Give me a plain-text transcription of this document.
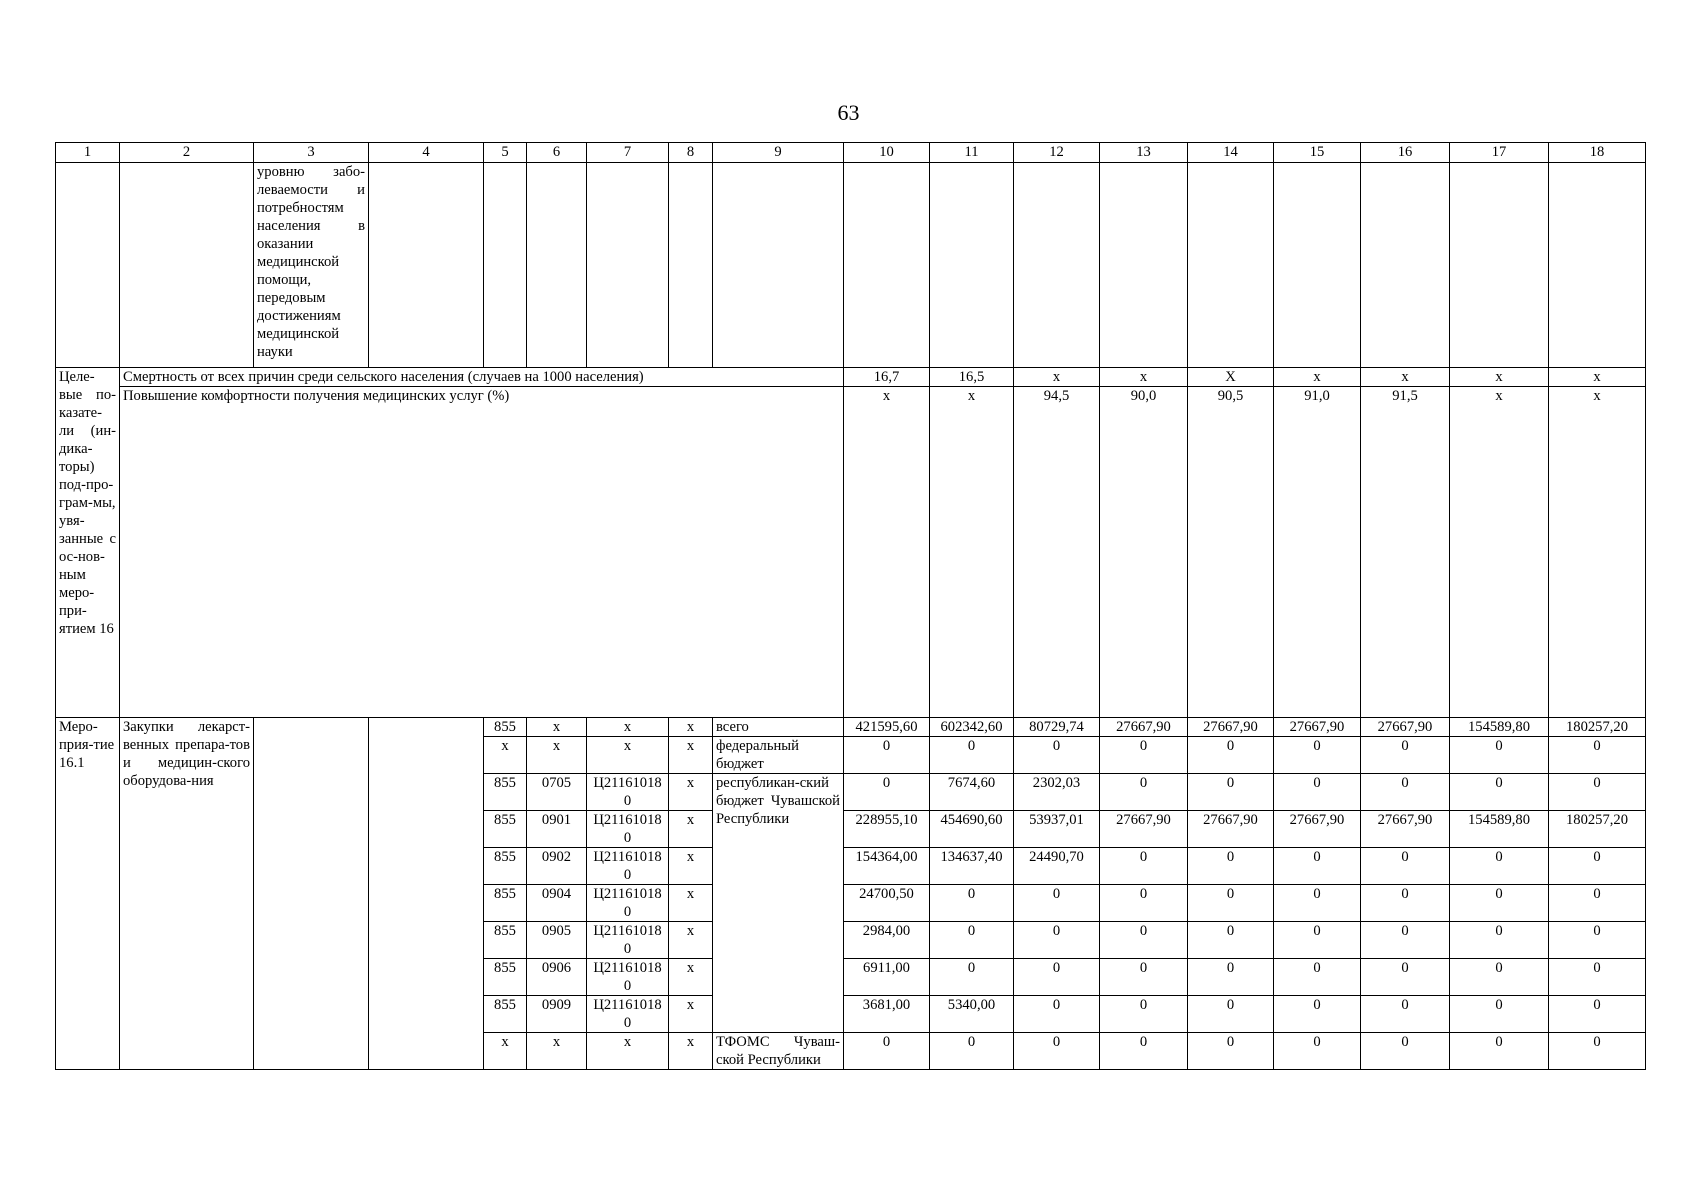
63
1	2	3	4	5	6	7	8	9	10	11	12	13	14	15	16	17	18
		уровню забо-леваемости и потребностям населения в оказании медицинской помощи, передовым достижениям медицинской науки															
Целе-вые по-казате-ли (ин-дика-торы) под-про-грам-мы, увя-занные с ос-нов-ным меро-при-ятием 16	Смертность от всех причин среди сельского населения (случаев на 1000 населения)								16,7	16,5	х	х	Х	х	х	х	х
	Повышение комфортности получения медицинских услуг (%)								х	х	94,5	90,0	90,5	91,0	91,5	х	х
Меро-прия-тие 16.1	Закупки лекарст-венных препара-тов и медицин-ского оборудова-ния			855	х	х	х	всего	421595,60	602342,60	80729,74	27667,90	27667,90	27667,90	27667,90	154589,80	180257,20
				х	х	х	х	федеральный бюджет	0	0	0	0	0	0	0	0	0
				855	0705	Ц211610180	х	республикан-ский бюджет Чувашской Республики	0	7674,60	2302,03	0	0	0	0	0	0
				855	0901	Ц211610180	х		228955,10	454690,60	53937,01	27667,90	27667,90	27667,90	27667,90	154589,80	180257,20
				855	0902	Ц211610180	х		154364,00	134637,40	24490,70	0	0	0	0	0	0
				855	0904	Ц211610180	х		24700,50	0	0	0	0	0	0	0	0
				855	0905	Ц211610180	х		2984,00	0	0	0	0	0	0	0	0
				855	0906	Ц211610180	х		6911,00	0	0	0	0	0	0	0	0
				855	0909	Ц211610180	х		3681,00	5340,00	0	0	0	0	0	0	0
				х	х	х	х	ТФОМС Чуваш-ской Республики	0	0	0	0	0	0	0	0	0
